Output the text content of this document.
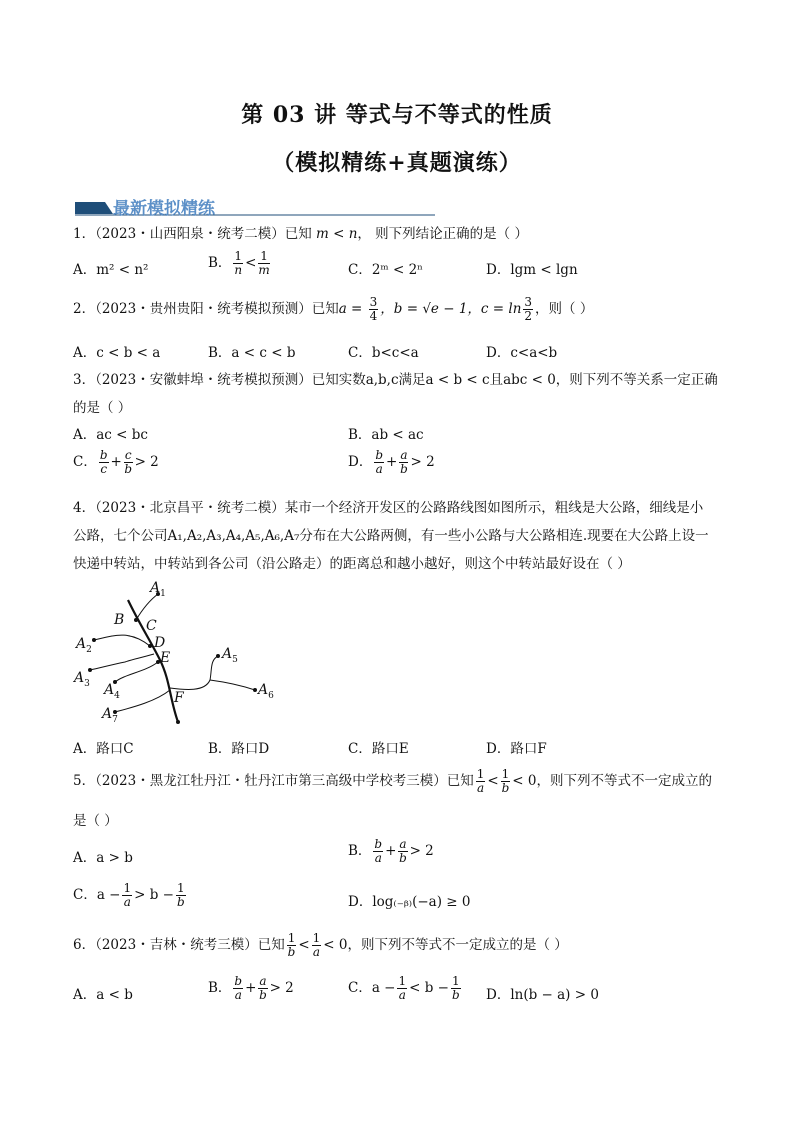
第 03 讲 等式与不等式的性质
（模拟精练+真题演练）
最新模拟精练
1．（2023・山西阳泉・统考二模）已知 m < n， 则下列结论正确的是（ ）
A．m² < n²	B． $\frac{1}{n} < \frac{1}{m}$	C．2ᵐ < 2ⁿ	D．lgm < lgn
2．（2023・贵州贵阳・统考模拟预测）已知$a = \frac{3}{4}$ ，b = √e − 1，$c = \ln \frac{3}{2}$ ，则（ ）
A．c < b < a	B．a < c < b	C．b<c<a	D．c<a<b
3．（2023・安徽蚌埠・统考模拟预测）已知实数a,b,c满足a < b < c且abc < 0，则下列不等关系一定正确
的是（ ）
A．ac < bc	B．ab < ac
C． $\frac{b}{c} + \frac{c}{b} > 2$	D． $\frac{b}{a} + \frac{a}{b} > 2$
4．（2023・北京昌平・统考二模）某市一个经济开发区的公路路线图如图所示，粗线是大公路，细线是小
公路，七个公司A₁,A₂,A₃,A₄,A₅,A₆,A₇分布在大公路两侧，有一些小公路与大公路相连.现要在大公路上设一
快递中转站，中转站到各公司（沿公路走）的距离总和越小越好，则这个中转站最好设在（ ）
$A_1$
B C
D
E
F
$A_2$
$A_3$ $A_4$
$A_5$
$A_6$
$A_7$
A．路口C	B．路口D	C．路口E	D．路口F
5．（2023・黑龙江牡丹江・牡丹江市第三高级中学校考三模）已知 $\frac{1}{a} < \frac{1}{b} < 0$，则下列不等式不一定成立的
是（ ）
A．a > b	B． $\frac{b}{a} + \frac{a}{b} > 2$
C．$a - \frac{1}{a} > b - \frac{1}{b}$	D．log₍₋ᵦ₎(−a) ≥ 0
6．（2023・吉林・统考三模）已知 $\frac{1}{b} < \frac{1}{a} < 0$，则下列不等式不一定成立的是（ ）
A．a < b	B． $\frac{b}{a} + \frac{a}{b} > 2$	C．$a - \frac{1}{a} < b - \frac{1}{b}$ D．ln(b − a) > 0
